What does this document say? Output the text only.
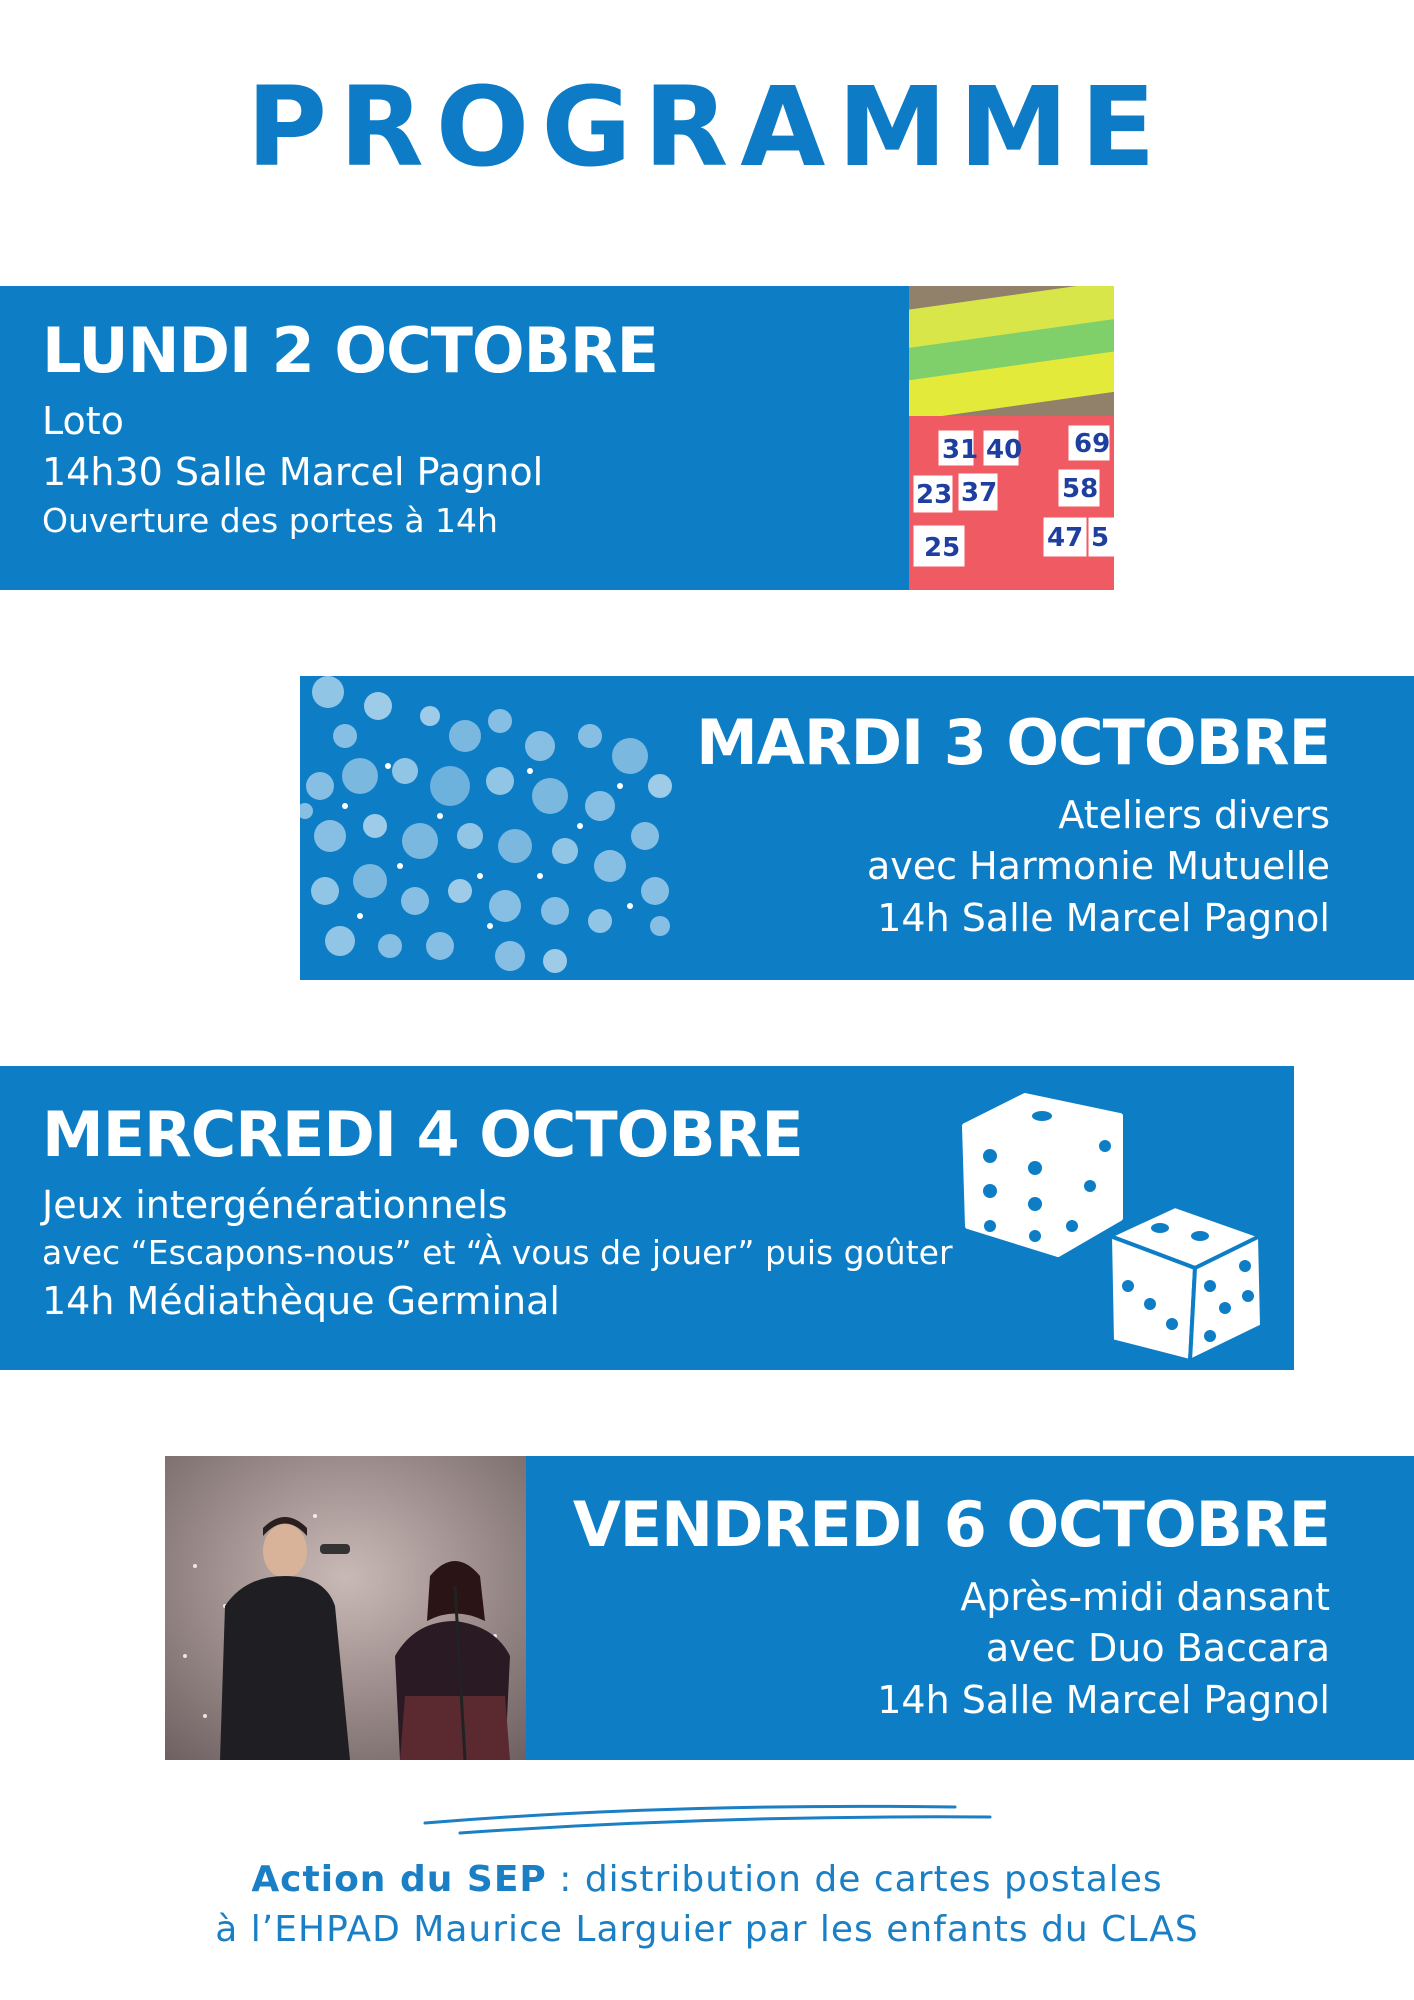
PROGRAMME
LUNDI 2 OCTOBRE
Loto
14h30 Salle Marcel Pagnol
Ouverture des portes à 14h
31 40 69
23 37 58
25	47 5
MARDI 3 OCTOBRE
Ateliers divers
avec Harmonie Mutuelle
14h Salle Marcel Pagnol
MERCREDI 4 OCTOBRE
Jeux intergénérationnels
avec “Escapons-nous” et “À vous de jouer” puis goûter
14h Médiathèque Germinal
VENDREDI 6 OCTOBRE
Après-midi dansant
avec Duo Baccara
14h Salle Marcel Pagnol
Action du SEP : distribution de cartes postales
à l’EHPAD Maurice Larguier par les enfants du CLAS
